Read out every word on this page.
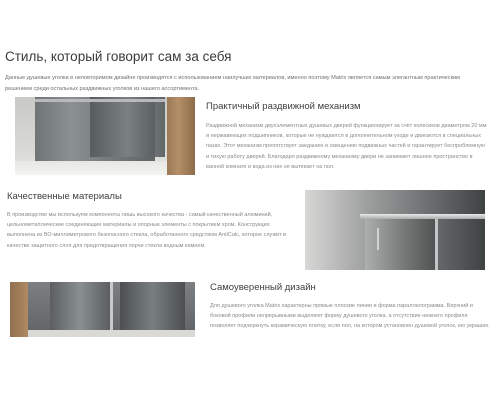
Стиль, который говорит сам за себя
Данные душевые уголки в неповторимом дизайне производятся с использованием наилучших материалов, именно поэтому Matrix является самым элегантным практическим решением среди остальных раздвижных уголков из нашего ассортимента.
Практичный раздвижной механизм
Раздвижной механизм двухэлементных душевых дверей функционирует за счёт колесиков диаметром 20 мм и нержавеющих подшипников, которые не нуждаются в дополнительном уходе и двигаются в специальных пазах. Этот механизм препятствует заеданию и смещению подвижных частей и гарантирует беспроблемную и тихую работу дверей. Благодаря раздвижному механизму двери не занимают лишнее пространство в ванной комнате и вода из них не вытекает на пол.
Качественные материалы
В производстве мы используем компоненты лишь высокого качества - самый качественный алюминий, цельнометаллические соединяющие материалы и опорные элементы с покрытием хром. Конструкция выполнена из ВО-миллиметрового безопасного стекла, обработанного средством AntiCalc, которое служит в качестве защитного слоя для предотвращения порчи стекла водным камнем.
Самоуверенный дизайн
Для душевого уголка Matrix характерны прямые плоские линии и форма параллелограмма. Верхний и боковой профили непрерывными выделяют форму душевого уголка, а отсутствие нижнего профиля позволяет подчеркнуть керамическую плитку, если пол, на котором установлен душевой уголок, ею украшен.
